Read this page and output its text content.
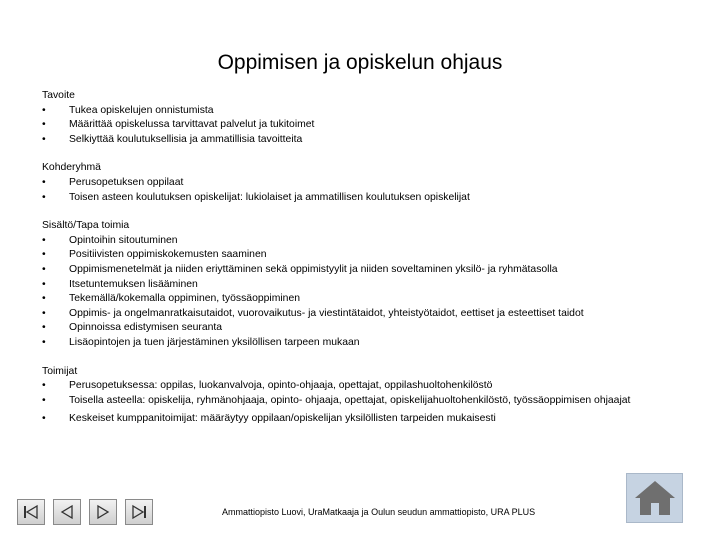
Oppimisen ja opiskelun ohjaus
Tavoite
• Tukea opiskelujen onnistumista
• Määrittää opiskelussa tarvittavat palvelut ja tukitoimet
• Selkiyttää koulutuksellisia ja ammatillisia tavoitteita
Kohderyhmä
• Perusopetuksen oppilaat
• Toisen asteen koulutuksen opiskelijat: lukiolaiset ja ammatillisen koulutuksen opiskelijat
Sisältö/Tapa toimia
• Opintoihin sitoutuminen
• Positiivisten oppimiskokemusten saaminen
• Oppimismenetelmät ja niiden eriyttäminen sekä oppimistyylit ja niiden soveltaminen yksilö- ja ryhmätasolla
• Itsetuntemuksen lisääminen
• Tekemällä/kokemalla oppiminen, työssäoppiminen
• Oppimis- ja ongelmanratkaisutaidot, vuorovaikutus- ja viestintätaidot, yhteistyötaidot, eettiset ja esteettiset taidot
• Opinnoissa edistymisen seuranta
• Lisäopintojen ja tuen järjestäminen yksilöllisen tarpeen mukaan
Toimijat
• Perusopetuksessa: oppilas, luokanvalvoja, opinto-ohjaaja, opettajat, oppilashuoltohenkilöstö
• Toisella asteella: opiskelija, ryhmänohjaaja, opinto- ohjaaja, opettajat, opiskelijahuoltohenkilöstö, työssäoppimisen ohjaajat
• Keskeiset kumppanitoimijat: määräytyy oppilaan/opiskelijan yksilöllisten tarpeiden mukaisesti
Ammattiopisto Luovi, UraMatkaaja ja Oulun seudun ammattiopisto, URA PLUS
